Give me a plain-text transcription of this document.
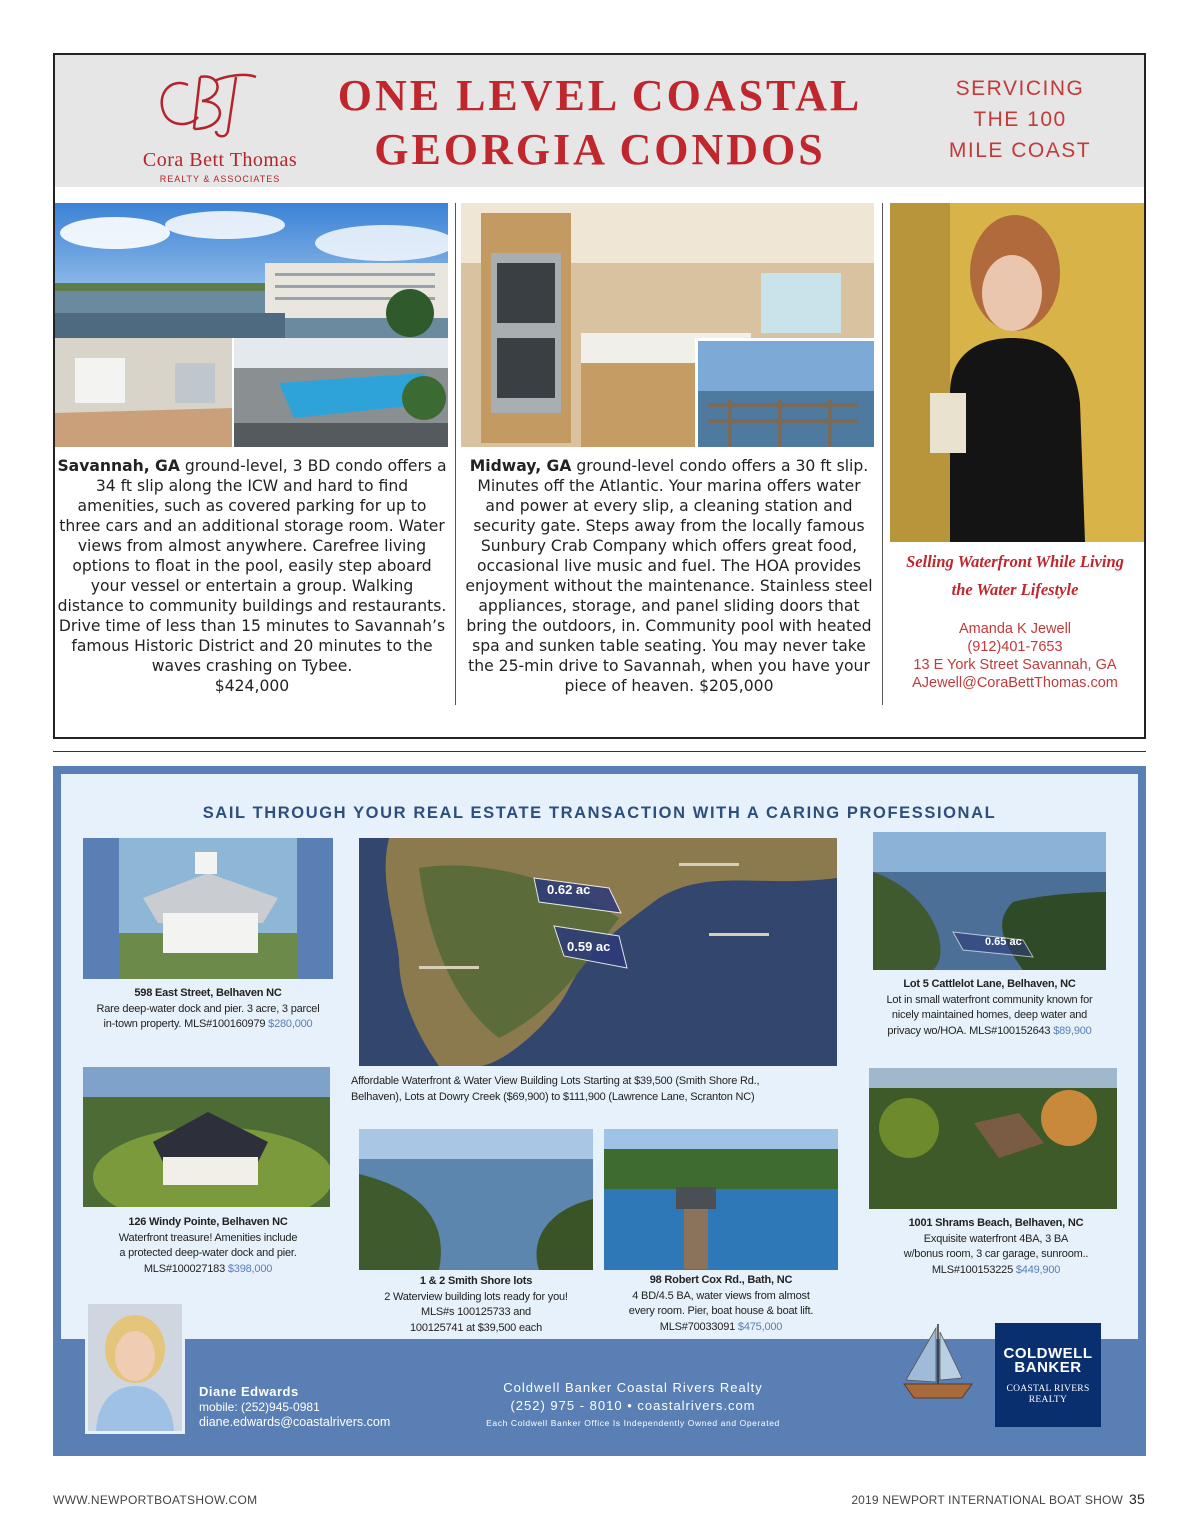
Cora Bett Thomas
REALTY & ASSOCIATES
ONE LEVEL COASTAL
GEORGIA CONDOS
SERVICING
THE 100
MILE COAST
Selling Waterfront While Living
the Water Lifestyle
Savannah, GA ground-level, 3 BD condo offers a 34 ft slip along the ICW and hard to find amenities, such as covered parking for up to three cars and an additional storage room. Water views from almost anywhere. Carefree living options to float in the pool, easily step aboard your vessel or entertain a group. Walking distance to community buildings and restaurants. Drive time of less than 15 minutes to Savannah’s famous Historic District and 20 minutes to the waves crashing on Tybee.
$424,000
Midway, GA ground-level condo offers a 30 ft slip. Minutes off the Atlantic. Your marina offers water and power at every slip, a cleaning station and security gate. Steps away from the locally famous Sunbury Crab Company which offers great food, occasional live music and fuel. The HOA provides enjoyment without the maintenance. Stainless steel appliances, storage, and panel sliding doors that bring the outdoors, in. Community pool with heated spa and sunken table seating. You may never take the 25-min drive to Savannah, when you have your piece of heaven. $205,000
Amanda K Jewell
(912)401-7653
13 E York Street Savannah, GA
AJewell@CoraBettThomas.com
SAIL THROUGH YOUR REAL ESTATE TRANSACTION WITH A CARING PROFESSIONAL
0.62 ac
0.59 ac	0.65 ac
598 East Street, Belhaven NC
Rare deep-water dock and pier. 3 acre, 3 parcel
in-town property. MLS#100160979 $280,000
Affordable Waterfront & Water View Building Lots Starting at $39,500 (Smith Shore Rd.,
Belhaven), Lots at Dowry Creek ($69,900) to $111,900 (Lawrence Lane, Scranton NC)
Lot 5 Cattlelot Lane, Belhaven, NC
Lot in small waterfront community known for
nicely maintained homes, deep water and
privacy wo/HOA. MLS#100152643 $89,900
126 Windy Pointe, Belhaven NC
Waterfront treasure! Amenities include
a protected deep-water dock and pier.
MLS#100027183 $398,000
1 & 2 Smith Shore lots
2 Waterview building lots ready for you!
MLS#s 100125733 and
100125741 at $39,500 each
98 Robert Cox Rd., Bath, NC
4 BD/4.5 BA, water views from almost
every room. Pier, boat house & boat lift.
MLS#70033091 $475,000
1001 Shrams Beach, Belhaven, NC
Exquisite waterfront 4BA, 3 BA
w/bonus room, 3 car garage, sunroom..
MLS#100153225 $449,900
Diane Edwards
mobile: (252)945-0981
diane.edwards@coastalrivers.com
Coldwell Banker Coastal Rivers Realty
(252) 975 - 8010 • coastalrivers.com
Each Coldwell Banker Office Is Independently Owned and Operated
COLDWELL
BANKER
COASTAL RIVERS
REALTY
WWW.NEWPORTBOATSHOW.COM	2019 NEWPORT INTERNATIONAL BOAT SHOW 35
